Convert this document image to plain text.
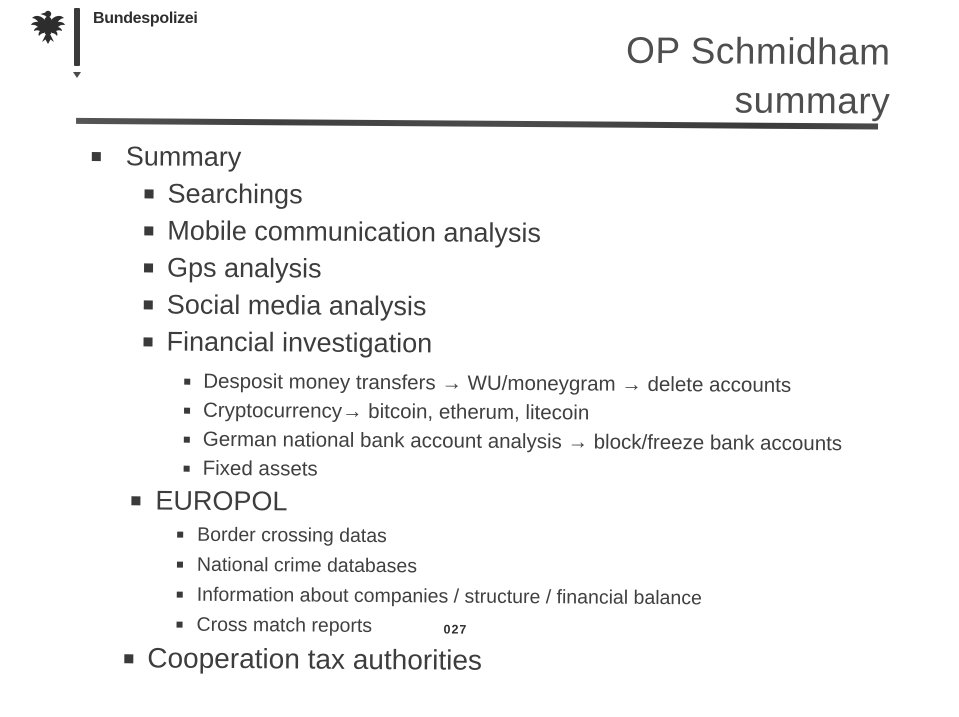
Bundespolizei
OP Schmidham
summary
Summary
Searchings
Mobile communication analysis
Gps analysis
Social media analysis
Financial investigation
Desposit money transfers → WU/moneygram → delete accounts
Cryptocurrency→ bitcoin, etherum, litecoin
German national bank account analysis → block/freeze bank accounts
Fixed assets
EUROPOL
Border crossing datas
National crime databases
Information about companies / structure / financial balance
Cross match reports
Cooperation tax authorities
027
